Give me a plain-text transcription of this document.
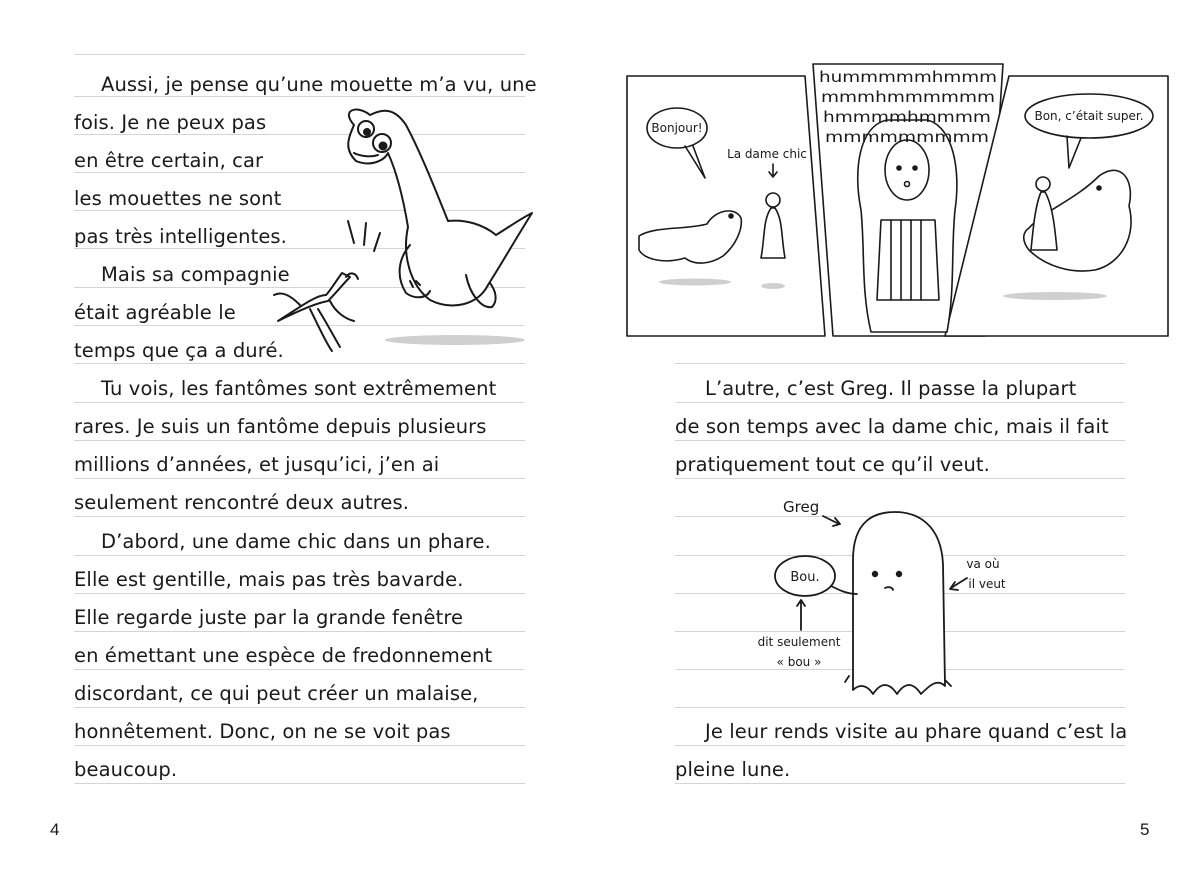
Aussi, je pense qu’une mouette m’a vu, une
fois. Je ne peux pas
en être certain, car
les mouettes ne sont
pas très intelligentes.
Mais sa compagnie
était agréable le
temps que ça a duré.
Tu vois, les fantômes sont extrêmement
rares. Je suis un fantôme depuis plusieurs
millions d’années, et jusqu’ici, j’en ai
seulement rencontré deux autres.
D’abord, une dame chic dans un phare.
Elle est gentille, mais pas très bavarde.
Elle regarde juste par la grande fenêtre
en émettant une espèce de fredonnement
discordant, ce qui peut créer un malaise,
honnêtement. Donc, on ne se voit pas
beaucoup.
4
Bonjour!
La dame chic
hummmmmhmmm
mmmhmmmmmm
hmmmmhmmmm
mmmmmmmmm
Bon, c’était super.
L’autre, c’est Greg. Il passe la plupart
de son temps avec la dame chic, mais il fait
pratiquement tout ce qu’il veut.
Je leur rends visite au phare quand c’est la
pleine lune.
Greg
Bou.
dit seulement
« bou »
va où
il veut
5
